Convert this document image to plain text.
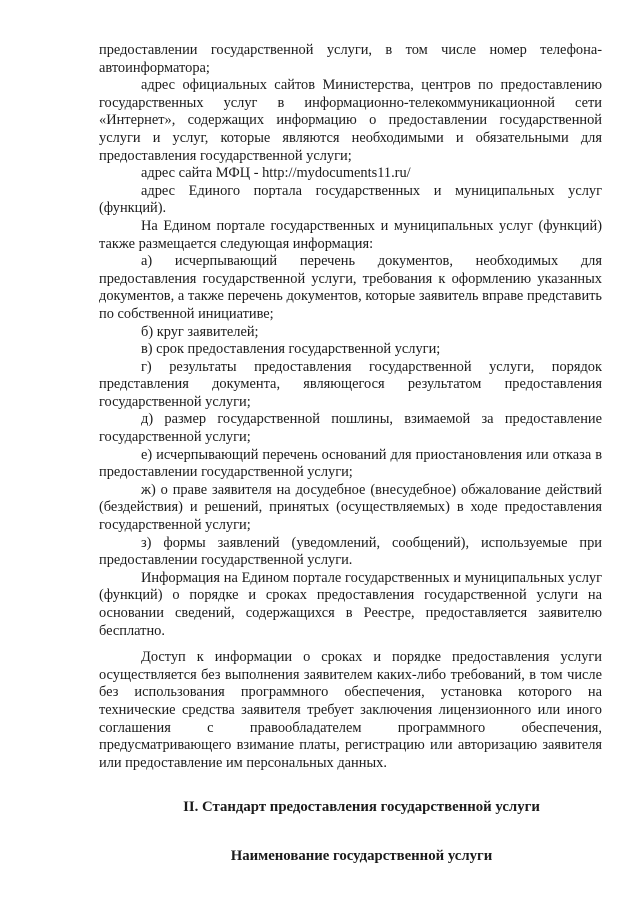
предоставлении государственной услуги, в том числе номер телефона-автоинформатора;

адрес официальных сайтов Министерства, центров по предоставлению государственных услуг в информационно-телекоммуникационной сети «Интернет», содержащих информацию о предоставлении государственной услуги и услуг, которые являются необходимыми и обязательными для предоставления государственной услуги;

адрес сайта МФЦ - http://mydocuments11.ru/

адрес Единого портала государственных и муниципальных услуг (функций).

На Едином портале государственных и муниципальных услуг (функций) также размещается следующая информация:

а) исчерпывающий перечень документов, необходимых для предоставления государственной услуги, требования к оформлению указанных документов, а также перечень документов, которые заявитель вправе представить по собственной инициативе;

б) круг заявителей;

в) срок предоставления государственной услуги;

г) результаты предоставления государственной услуги, порядок представления документа, являющегося результатом предоставления государственной услуги;

д) размер государственной пошлины, взимаемой за предоставление государственной услуги;

е) исчерпывающий перечень оснований для приостановления или отказа в предоставлении государственной услуги;

ж) о праве заявителя на досудебное (внесудебное) обжалование действий (бездействия) и решений, принятых (осуществляемых) в ходе предоставления государственной услуги;

з) формы заявлений (уведомлений, сообщений), используемые при предоставлении государственной услуги.

Информация на Едином портале государственных и муниципальных услуг (функций) о порядке и сроках предоставления государственной услуги на основании сведений, содержащихся в Реестре, предоставляется заявителю бесплатно.

Доступ к информации о сроках и порядке предоставления услуги осуществляется без выполнения заявителем каких-либо требований, в том числе без использования программного обеспечения, установка которого на технические средства заявителя требует заключения лицензионного или иного соглашения с правообладателем программного обеспечения, предусматривающего взимание платы, регистрацию или авторизацию заявителя или предоставление им персональных данных.

II. Стандарт предоставления государственной услуги
Наименование государственной услуги
